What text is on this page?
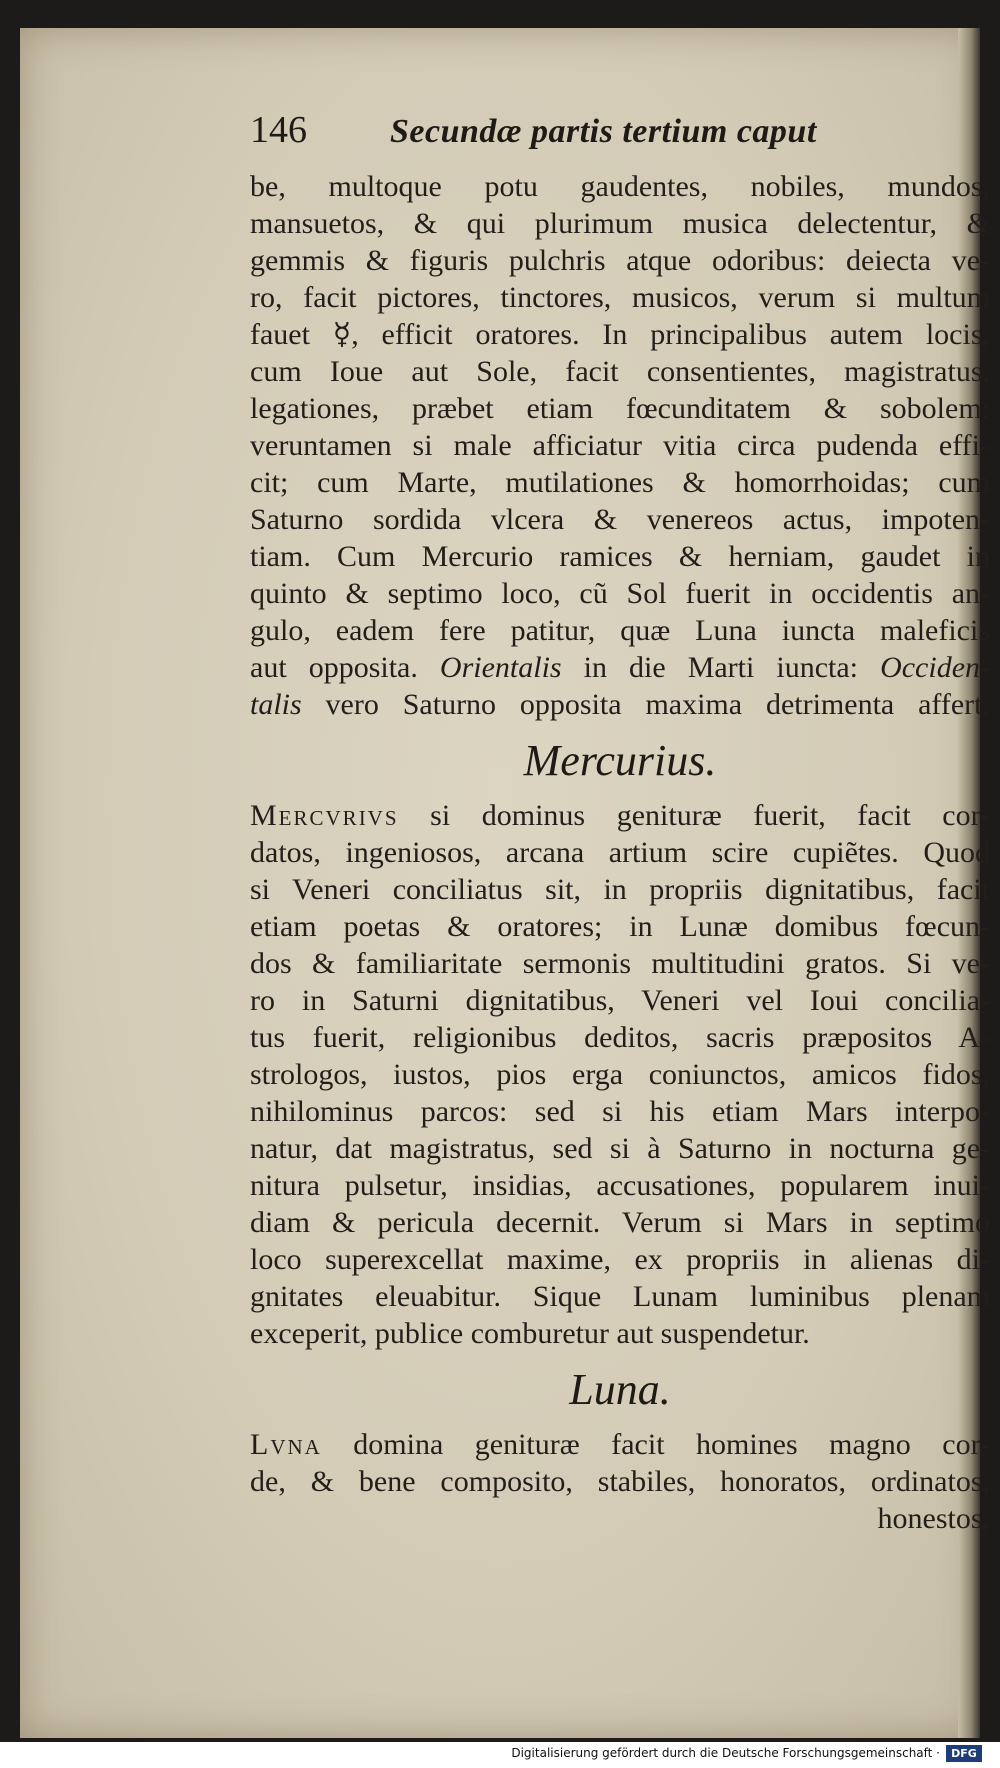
146	Secundæ partis tertium caput
be, multoque potu gaudentes, nobiles, mundos,
mansuetos, & qui plurimum musica delectentur, &
gemmis & figuris pulchris atque odoribus: deiecta ve-
ro, facit pictores, tinctores, musicos, verum si multum
fauet ☿, efficit oratores. In principalibus autem locis,
cum Ioue aut Sole, facit consentientes, magistratus,
legationes, præbet etiam fœcunditatem & sobolem:
veruntamen si male afficiatur vitia circa pudenda effi-
cit; cum Marte, mutilationes & homorrhoidas; cum
Saturno sordida vlcera & venereos actus, impoten-
tiam. Cum Mercurio ramices & herniam, gaudet in
quinto & septimo loco, cũ Sol fuerit in occidentis an-
gulo, eadem fere patitur, quæ Luna iuncta maleficis
aut opposita. Orientalis in die Marti iuncta: Occiden-
talis vero Saturno opposita maxima detrimenta affert.
Mercurius.
Mercvrivs si dominus genituræ fuerit, facit cor-
datos, ingeniosos, arcana artium scire cupiẽtes. Quod
si Veneri conciliatus sit, in propriis dignitatibus, facit
etiam poetas & oratores; in Lunæ domibus fœcun-
dos & familiaritate sermonis multitudini gratos. Si ve-
ro in Saturni dignitatibus, Veneri vel Ioui concilia-
tus fuerit, religionibus deditos, sacris præpositos A-
strologos, iustos, pios erga coniunctos, amicos fidos,
nihilominus parcos: sed si his etiam Mars interpo-
natur, dat magistratus, sed si à Saturno in nocturna ge-
nitura pulsetur, insidias, accusationes, popularem inui-
diam & pericula decernit. Verum si Mars in septimo
loco superexcellat maxime, ex propriis in alienas di-
gnitates eleuabitur. Sique Lunam luminibus plenam
exceperit, publice comburetur aut suspendetur.
Luna.
Lvna domina genituræ facit homines magno cor-
de, & bene composito, stabiles, honoratos, ordinatos,
honestos,
Digitalisierung gefördert durch die Deutsche Forschungsgemeinschaft ·	DFG
